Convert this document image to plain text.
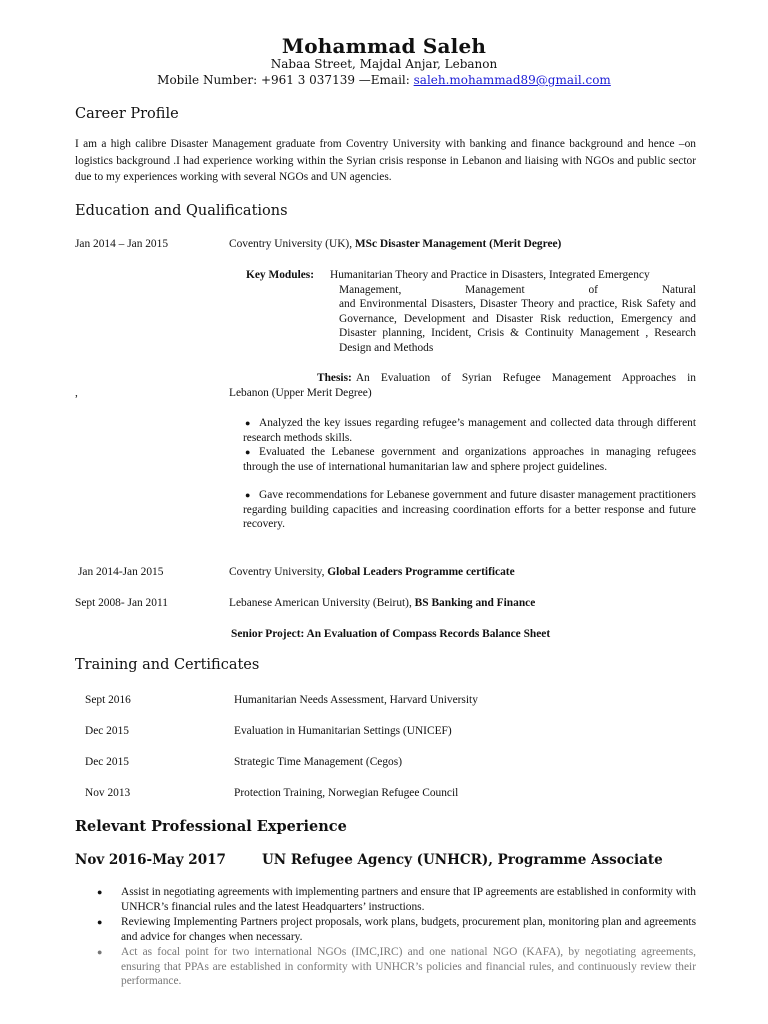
Mohammad Saleh
Nabaa Street, Majdal Anjar, Lebanon
Mobile Number: +961 3 037139 —Email: saleh.mohammad89@gmail.com
Career Profile
I am a high calibre Disaster Management graduate from Coventry University with banking and finance background and hence –on logistics background .I had experience working within the Syrian crisis response in Lebanon and liaising with NGOs and public sector due to my experiences working with several NGOs and UN agencies.
Education and Qualifications
Jan 2014 – Jan 2015	Coventry University (UK), MSc Disaster Management (Merit Degree)
Key Modules: Humanitarian Theory and Practice in Disasters, Integrated Emergency
Management,	Management	of	Natural
and Environmental Disasters, Disaster Theory and practice, Risk Safety and Governance, Development and Disaster Risk reduction, Emergency and Disaster planning, Incident, Crisis & Continuity Management , Research Design and Methods
Thesis: An Evaluation of Syrian Refugee Management Approaches in
,	Lebanon (Upper Merit Degree)
● Analyzed the key issues regarding refugee’s management and collected data through different research methods skills.
● Evaluated the Lebanese government and organizations approaches in managing refugees through the use of international humanitarian law and sphere project guidelines.
● Gave recommendations for Lebanese government and future disaster management practitioners regarding building capacities and increasing coordination efforts for a better response and future recovery.
Jan 2014-Jan 2015	Coventry University, Global Leaders Programme certificate
Sept 2008- Jan 2011	Lebanese American University (Beirut), BS Banking and Finance
Senior Project: An Evaluation of Compass Records Balance Sheet
Training and Certificates
Sept 2016	Humanitarian Needs Assessment, Harvard University
Dec 2015	Evaluation in Humanitarian Settings (UNICEF)
Dec 2015	Strategic Time Management (Cegos)
Nov 2013	Protection Training, Norwegian Refugee Council
Relevant Professional Experience
Nov 2016-May 2017	UN Refugee Agency (UNHCR), Programme Associate
● Assist in negotiating agreements with implementing partners and ensure that IP agreements are established in conformity with UNHCR’s financial rules and the latest Headquarters’ instructions.
● Reviewing Implementing Partners project proposals, work plans, budgets, procurement plan, monitoring plan and agreements and advice for changes when necessary.
● Act as focal point for two international NGOs (IMC,IRC) and one national NGO (KAFA), by negotiating agreements, ensuring that PPAs are established in conformity with UNHCR’s policies and financial rules, and continuously review their performance.
